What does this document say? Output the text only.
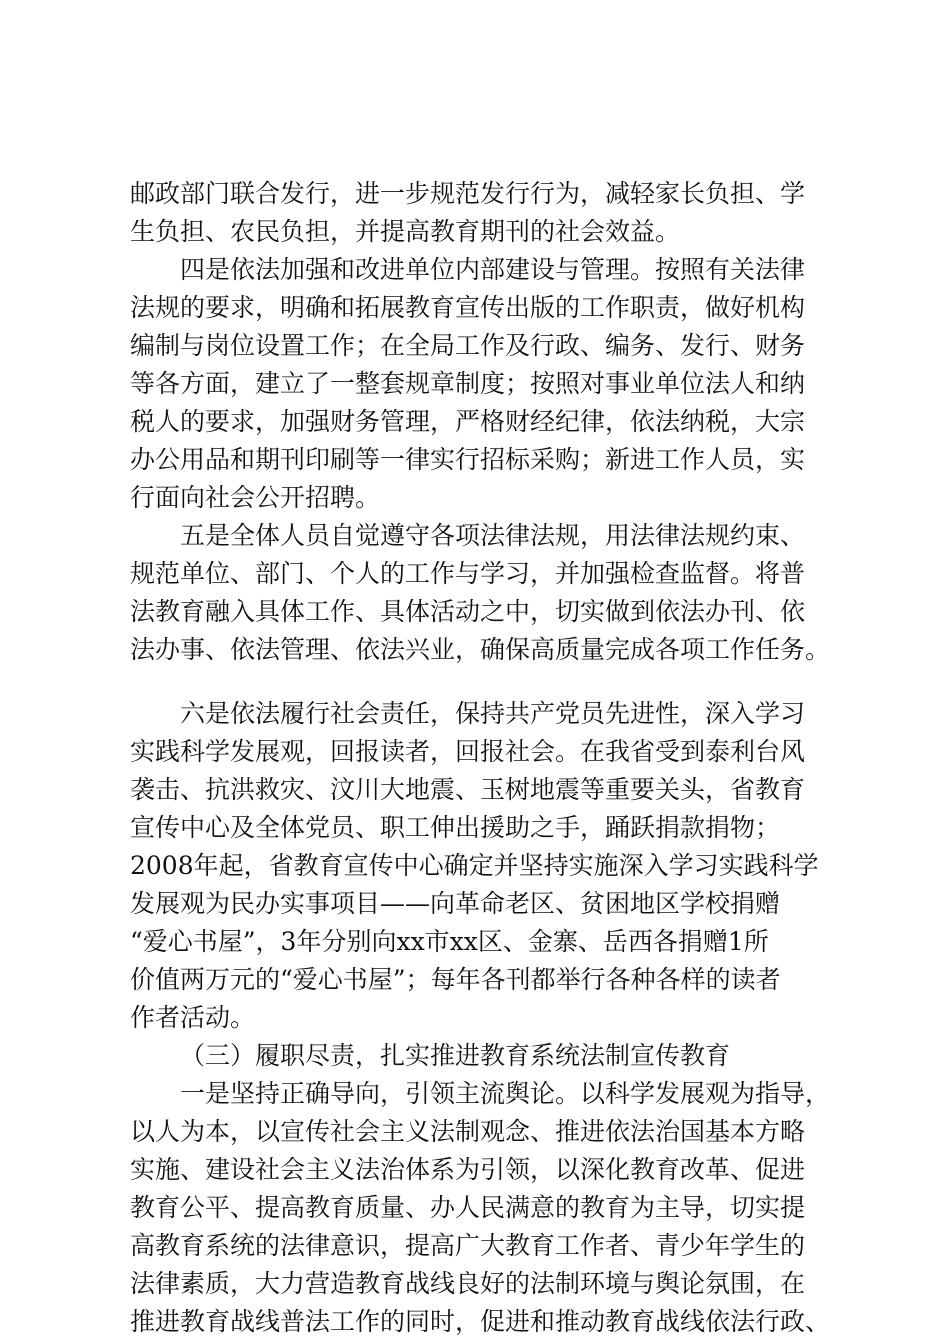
邮政部门联合发行，进一步规范发行行为，减轻家长负担、学
生负担、农民负担，并提高教育期刊的社会效益。
四是依法加强和改进单位内部建设与管理。按照有关法律
法规的要求，明确和拓展教育宣传出版的工作职责，做好机构
编制与岗位设置工作；在全局工作及行政、编务、发行、财务
等各方面，建立了一整套规章制度；按照对事业单位法人和纳
税人的要求，加强财务管理，严格财经纪律，依法纳税，大宗
办公用品和期刊印刷等一律实行招标采购；新进工作人员，实
行面向社会公开招聘。
五是全体人员自觉遵守各项法律法规，用法律法规约束、
规范单位、部门、个人的工作与学习，并加强检查监督。将普
法教育融入具体工作、具体活动之中，切实做到依法办刊、依
法办事、依法管理、依法兴业，确保高质量完成各项工作任务。
六是依法履行社会责任，保持共产党员先进性，深入学习
实践科学发展观，回报读者，回报社会。在我省受到泰利台风
袭击、抗洪救灾、汶川大地震、玉树地震等重要关头，省教育
宣传中心及全体党员、职工伸出援助之手，踊跃捐款捐物；
2008年起，省教育宣传中心确定并坚持实施深入学习实践科学
发展观为民办实事项目——向革命老区、贫困地区学校捐赠
“爱心书屋”，3年分别向xx市xx区、金寨、岳西各捐赠1所
价值两万元的“爱心书屋”；每年各刊都举行各种各样的读者
作者活动。
（三）履职尽责，扎实推进教育系统法制宣传教育
一是坚持正确导向，引领主流舆论。以科学发展观为指导，
以人为本，以宣传社会主义法制观念、推进依法治国基本方略
实施、建设社会主义法治体系为引领，以深化教育改革、促进
教育公平、提高教育质量、办人民满意的教育为主导，切实提
高教育系统的法律意识，提高广大教育工作者、青少年学生的
法律素质，大力营造教育战线良好的法制环境与舆论氛围，在
推进教育战线普法工作的同时，促进和推动教育战线依法行政、
